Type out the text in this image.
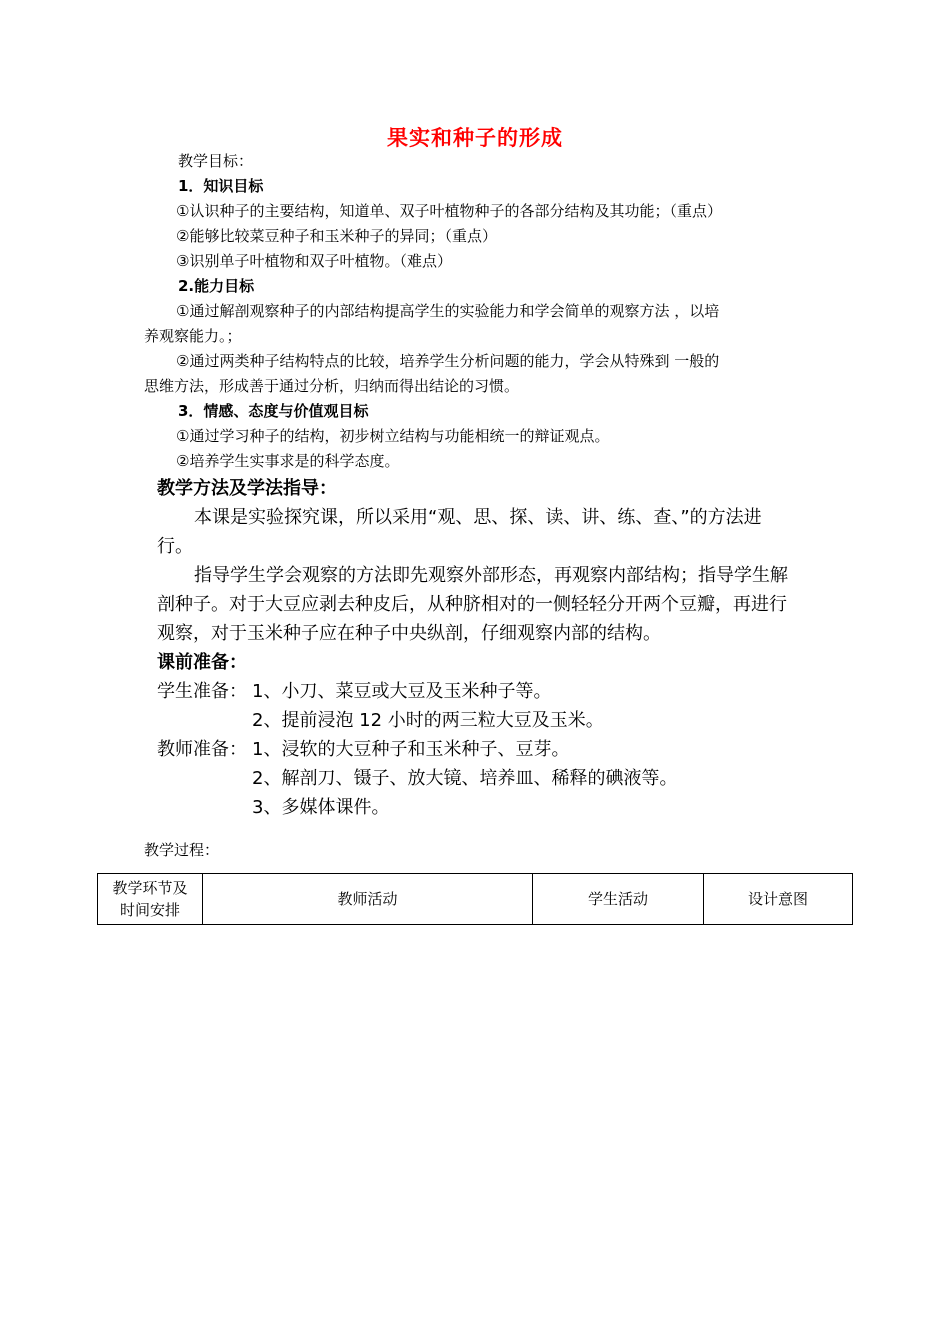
果实和种子的形成
教学目标：
1．知识目标
①认识种子的主要结构，知道单、双子叶植物种子的各部分结构及其功能；（重点）
②能够比较菜豆种子和玉米种子的异同；（重点）
③识别单子叶植物和双子叶植物。（难点）
2.能力目标
①通过解剖观察种子的内部结构提高学生的实验能力和学会简单的观察方法 ，以培
养观察能力。；
②通过两类种子结构特点的比较，培养学生分析问题的能力，学会从特殊到 一般的
思维方法，形成善于通过分析，归纳而得出结论的习惯。
3．情感、态度与价值观目标
①通过学习种子的结构，初步树立结构与功能相统一的辩证观点。
②培养学生实事求是的科学态度。
教学方法及学法指导：
本课是实验探究课，所以采用“观、思、探、读、讲、练、查、”的方法进
行。
指导学生学会观察的方法即先观察外部形态，再观察内部结构；指导学生解
剖种子。对于大豆应剥去种皮后，从种脐相对的一侧轻轻分开两个豆瓣，再进行
观察，对于玉米种子应在种子中央纵剖，仔细观察内部的结构。
课前准备：
学生准备： 1、小刀、菜豆或大豆及玉米种子等。
2、提前浸泡 12 小时的两三粒大豆及玉米。
教师准备： 1、浸软的大豆种子和玉米种子、豆芽。
2、解剖刀、镊子、放大镜、培养皿、稀释的碘液等。
3、多媒体课件。
教学过程：
教学环节及
时间安排
	教师活动	学生活动	设计意图
